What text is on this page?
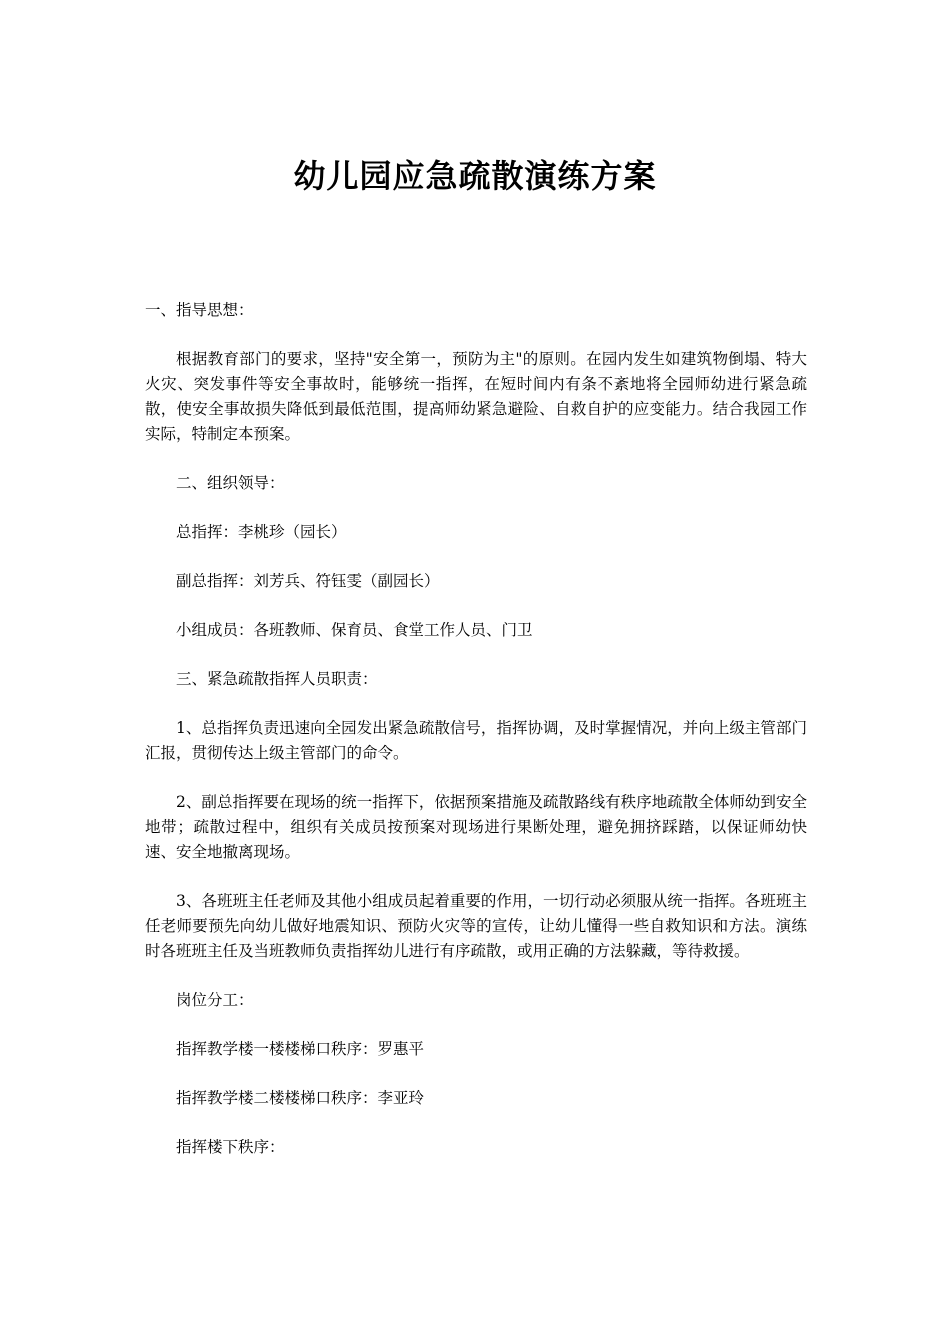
幼儿园应急疏散演练方案

一、指导思想：

根据教育部门的要求，坚持"安全第一，预防为主"的原则。在园内发生如建筑物倒塌、特大火灾、突发事件等安全事故时，能够统一指挥，在短时间内有条不紊地将全园师幼进行紧急疏散，使安全事故损失降低到最低范围，提高师幼紧急避险、自救自护的应变能力。结合我园工作实际，特制定本预案。

二、组织领导：

总指挥：李桃珍（园长）

副总指挥：刘芳兵、符钰雯（副园长）

小组成员：各班教师、保育员、食堂工作人员、门卫

三、紧急疏散指挥人员职责：

1、总指挥负责迅速向全园发出紧急疏散信号，指挥协调，及时掌握情况，并向上级主管部门汇报，贯彻传达上级主管部门的命令。

2、副总指挥要在现场的统一指挥下，依据预案措施及疏散路线有秩序地疏散全体师幼到安全地带；疏散过程中，组织有关成员按预案对现场进行果断处理，避免拥挤踩踏，以保证师幼快速、安全地撤离现场。

3、各班班主任老师及其他小组成员起着重要的作用，一切行动必须服从统一指挥。各班班主任老师要预先向幼儿做好地震知识、预防火灾等的宣传，让幼儿懂得一些自救知识和方法。演练时各班班主任及当班教师负责指挥幼儿进行有序疏散，或用正确的方法躲藏，等待救援。

岗位分工：

指挥教学楼一楼楼梯口秩序：罗惠平

指挥教学楼二楼楼梯口秩序：李亚玲

指挥楼下秩序：
